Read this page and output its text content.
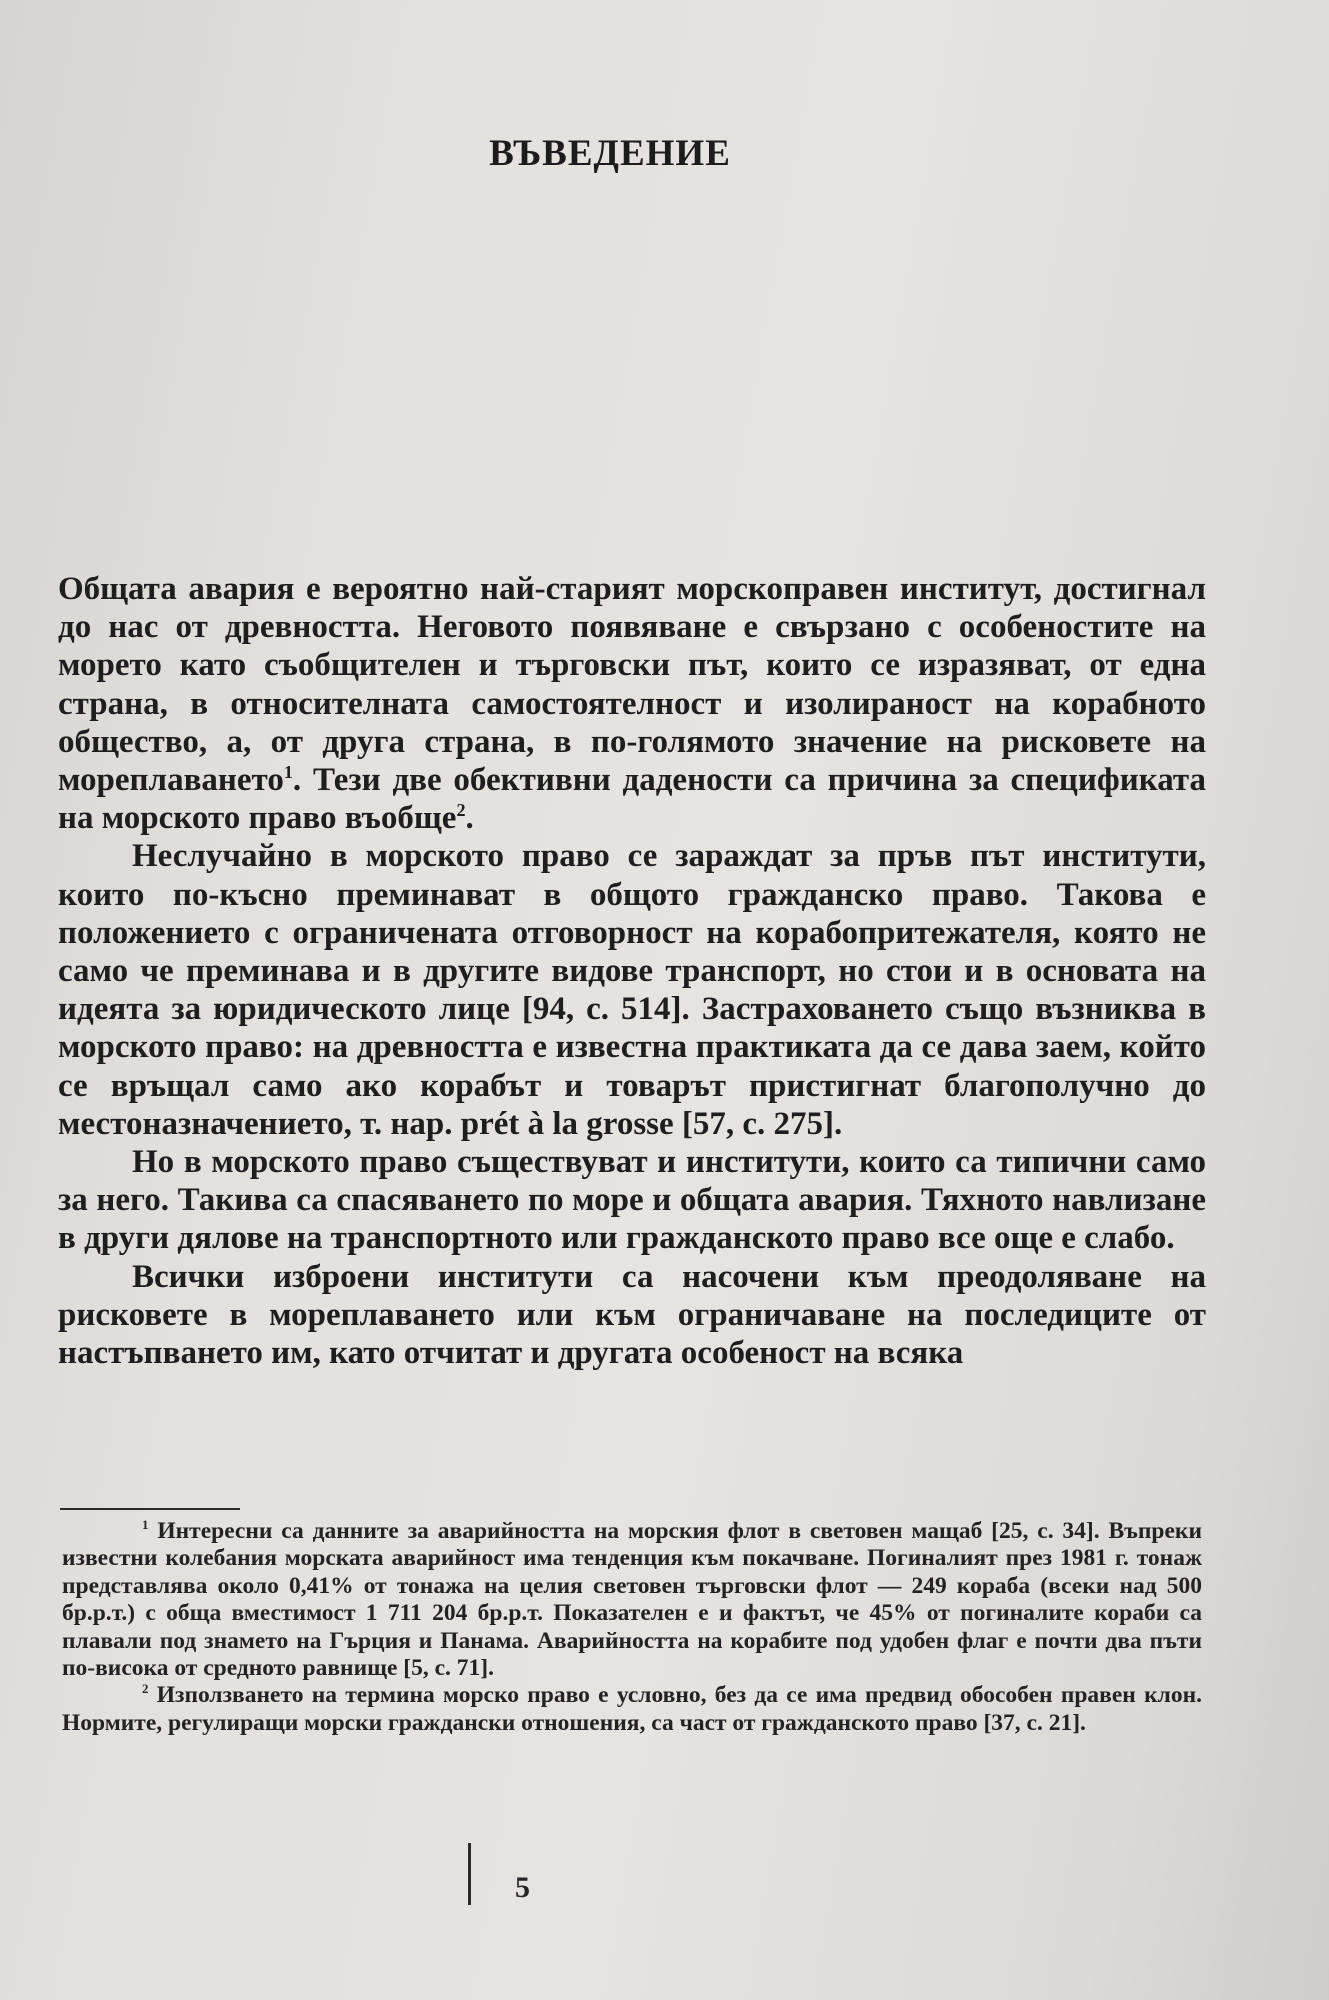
ВЪВЕДЕНИЕ

Общата авария е вероятно най-старият морскоправен институт, достигнал до нас от древността. Неговото появяване е свързано с особеностите на морето като съобщителен и търговски път, които се изразяват, от една страна, в относителната самостоятелност и изолираност на корабното общество, а, от друга страна, в по-голямото значение на рисковете на мореплаването$^1$. Тези две обективни дадености са причина за спецификата на морското право въобще$^2$.

Неслучайно в морското право се зараждат за пръв път институти, които по-късно преминават в общото гражданско право. Такова е положението с ограничената отговорност на корабопритежателя, която не само че преминава и в другите видове транспорт, но стои и в основата на идеята за юридическото лице [94, с. 514]. Застраховането също възниква в морското право: на древността е известна практиката да се дава заем, който се връщал само ако корабът и товарът пристигнат благополучно до местоназначението, т. нар. prét à la grosse [57, с. 275].

Но в морското право съществуват и институти, които са типични само за него. Такива са спасяването по море и общата авария. Тяхното навлизане в други дялове на транспортното или гражданското право все още е слабо.

Всички изброени институти са насочени към преодоляване на рисковете в мореплаването или към ограничаване на последиците от настъпването им, като отчитат и другата особеност на всяка

$^1$ Интересни са данните за аварийността на морския флот в световен мащаб [25, с. 34]. Въпреки известни колебания морската аварийност има тенденция към покачване. Погиналият през 1981 г. тонаж представлява около 0,41% от тонажа на целия световен търговски флот — 249 кораба (всеки над 500 бр.р.т.) с обща вместимост 1 711 204 бр.р.т. Показателен е и фактът, че 45% от погиналите кораби са плавали под знамето на Гърция и Панама. Аварийността на корабите под удобен флаг е почти два пъти по-висока от средното равнище [5, с. 71].

$^2$ Използването на термина морско право е условно, без да се има предвид обособен правен клон. Нормите, регулиращи морски граждански отношения, са част от гражданското право [37, с. 21].

5
